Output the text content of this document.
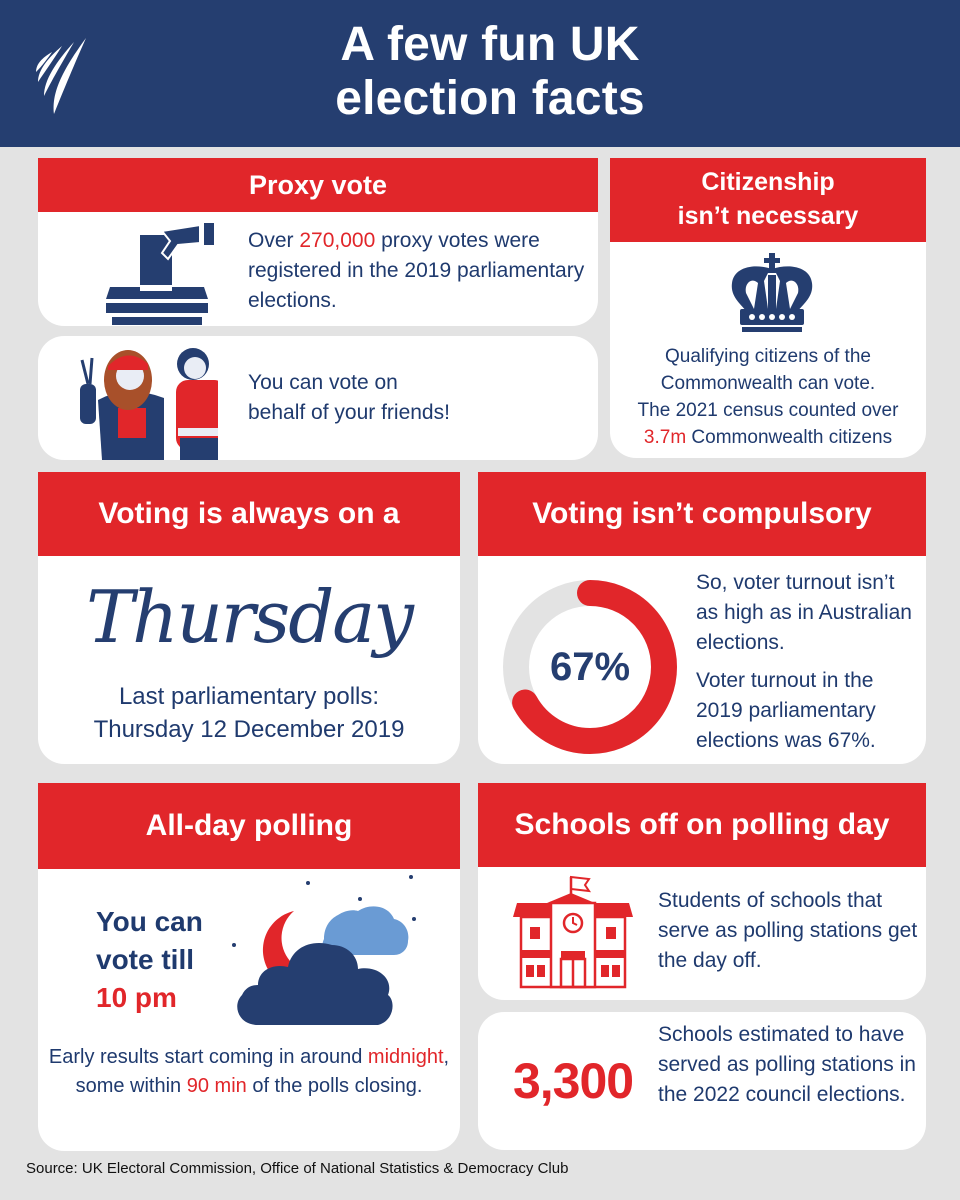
A few fun UK
election facts
Proxy vote
Over 270,000 proxy votes were registered in the 2019 parliamentary elections.
You can vote on
behalf of your friends!
Citizenship
isn’t necessary
Qualifying citizens of the
Commonwealth can vote.
The 2021 census counted over
3.7m Commonwealth citizens
Voting is always on a
Thursday
Last parliamentary polls:
Thursday 12 December 2019
Voting isn’t compulsory
67%
So, voter turnout isn’t as high as in Australian elections.
Voter turnout in the 2019 parliamentary elections was 67%.
All-day polling
You can
vote till
10 pm
Early results start coming in around midnight, some within 90 min of the polls closing.
Schools off on polling day
Students of schools that serve as polling stations get the day off.
3,300
Schools estimated to have served as polling stations in the 2022 council elections.
Source: UK Electoral Commission, Office of National Statistics & Democracy Club
